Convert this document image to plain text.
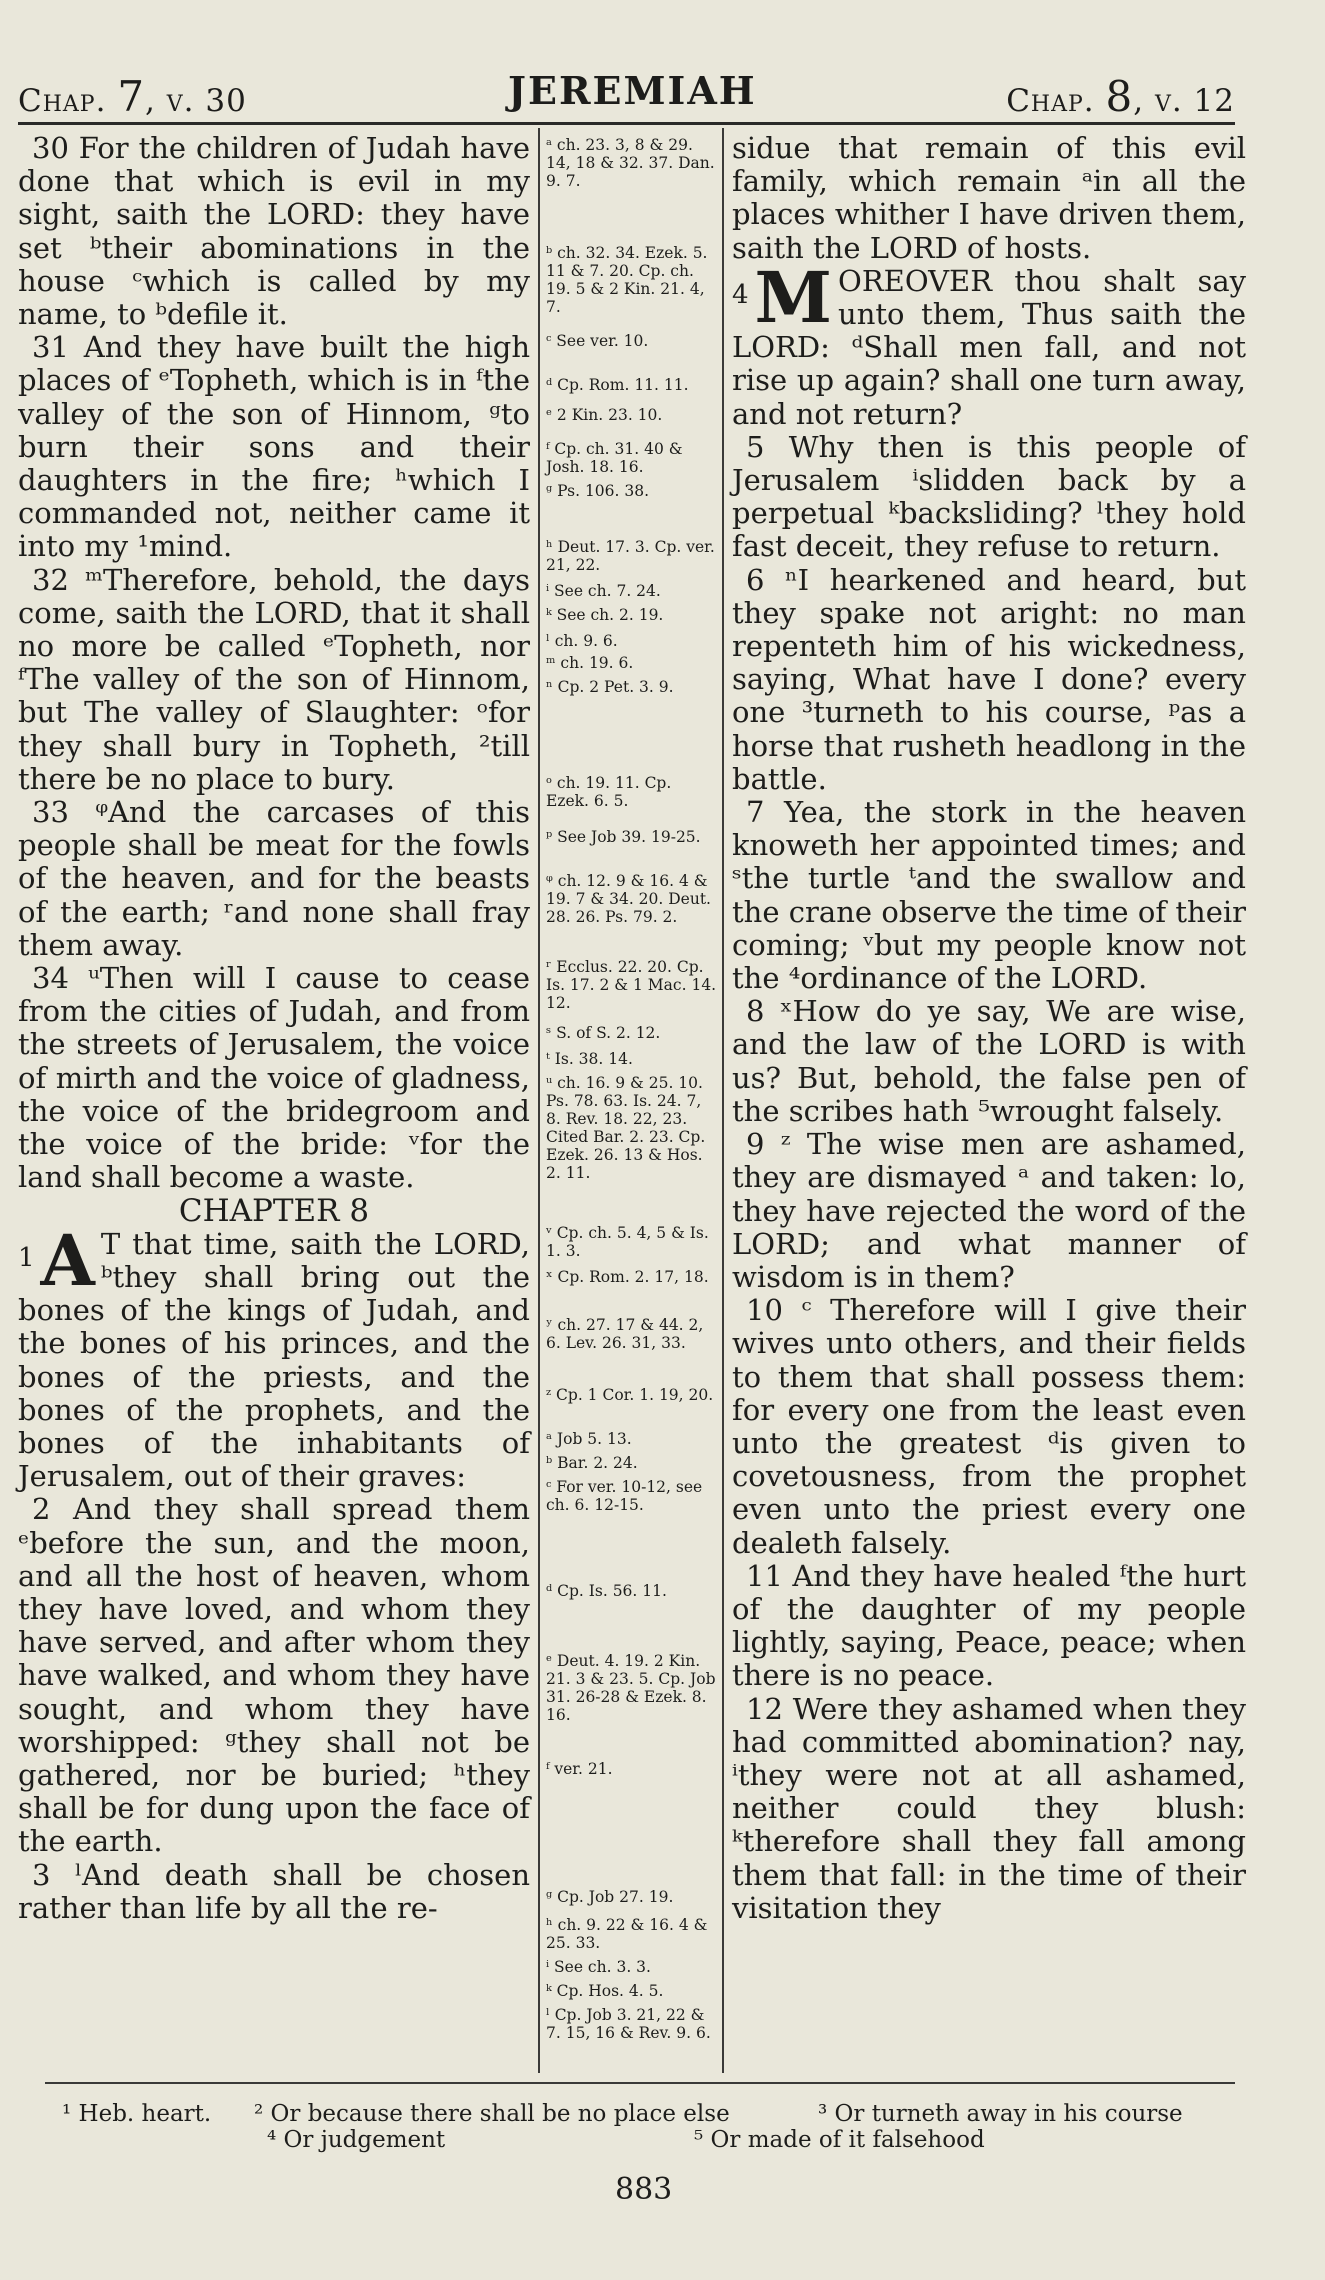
Chap. 7, v. 30	JEREMIAH	Chap. 8, v. 12

30 For the children of Judah have done that which is evil in my sight, saith the LORD: they have set ᵇtheir abominations in the house ᶜwhich is called by my name, to ᵇdefile it.

31 And they have built the high places of ᵉTopheth, which is in ᶠthe valley of the son of Hinnom, ᵍto burn their sons and their daughters in the fire; ʰwhich I commanded not, neither came it into my ¹mind.

32 ᵐTherefore, behold, the days come, saith the LORD, that it shall no more be called ᵉTopheth, nor ᶠThe valley of the son of Hinnom, but The valley of Slaughter: ᵒfor they shall bury in Topheth, ²till there be no place to bury.

33 ᵠAnd the carcases of this people shall be meat for the fowls of the heaven, and for the beasts of the earth; ʳand none shall fray them away.

34 ᵘThen will I cause to cease from the cities of Judah, and from the streets of Jerusalem, the voice of mirth and the voice of gladness, the voice of the bridegroom and the voice of the bride: ᵛfor the land shall become a waste.

CHAPTER 8

1 A T that time, saith the LORD, ᵇthey shall bring out the bones of the kings of Judah, and the bones of his princes, and the bones of the priests, and the bones of the prophets, and the bones of the inhabitants of Jerusalem, out of their graves:

2 And they shall spread them ᵉbefore the sun, and the moon, and all the host of heaven, whom they have loved, and whom they have served, and after whom they have walked, and whom they have sought, and whom they have worshipped: ᵍthey shall not be gathered, nor be buried; ʰthey shall be for dung upon the face of the earth.

3 ˡAnd death shall be chosen rather than life by all the re-

ᵃ ch. 23. 3, 8 & 29. 14, 18 & 32. 37. Dan. 9. 7.
ᵇ ch. 32. 34. Ezek. 5. 11 & 7. 20. Cp. ch. 19. 5 & 2 Kin. 21. 4, 7.
ᶜ See ver. 10.
ᵈ Cp. Rom. 11. 11.
ᵉ 2 Kin. 23. 10.
ᶠ Cp. ch. 31. 40 & Josh. 18. 16.
ᵍ Ps. 106. 38.
ʰ Deut. 17. 3. Cp. ver. 21, 22.
ⁱ See ch. 7. 24.
ᵏ See ch. 2. 19.
ˡ ch. 9. 6.
ᵐ ch. 19. 6.
ⁿ Cp. 2 Pet. 3. 9.
ᵒ ch. 19. 11. Cp. Ezek. 6. 5.
ᵖ See Job 39. 19-25.
ᵠ ch. 12. 9 & 16. 4 & 19. 7 & 34. 20. Deut. 28. 26. Ps. 79. 2.
ʳ Ecclus. 22. 20. Cp. Is. 17. 2 & 1 Mac. 14. 12.
ˢ S. of S. 2. 12.
ᵗ Is. 38. 14.
ᵘ ch. 16. 9 & 25. 10. Ps. 78. 63. Is. 24. 7, 8. Rev. 18. 22, 23. Cited Bar. 2. 23. Cp. Ezek. 26. 13 & Hos. 2. 11.
ᵛ Cp. ch. 5. 4, 5 & Is. 1. 3.
ˣ Cp. Rom. 2. 17, 18.
ʸ ch. 27. 17 & 44. 2, 6. Lev. 26. 31, 33.
ᶻ Cp. 1 Cor. 1. 19, 20.
ᵃ Job 5. 13.
ᵇ Bar. 2. 24.
ᶜ For ver. 10-12, see ch. 6. 12-15.
ᵈ Cp. Is. 56. 11.
ᵉ Deut. 4. 19. 2 Kin. 21. 3 & 23. 5. Cp. Job 31. 26-28 & Ezek. 8. 16.
ᶠ ver. 21.
ᵍ Cp. Job 27. 19.
ʰ ch. 9. 22 & 16. 4 & 25. 33.
ⁱ See ch. 3. 3.
ᵏ Cp. Hos. 4. 5.
ˡ Cp. Job 3. 21, 22 & 7. 15, 16 & Rev. 9. 6.

sidue that remain of this evil family, which remain ᵃin all the places whither I have driven them, saith the LORD of hosts.

4 M OREOVER thou shalt say unto them, Thus saith the LORD: ᵈShall men fall, and not rise up again? shall one turn away, and not return?

5 Why then is this people of Jerusalem ⁱslidden back by a perpetual ᵏbacksliding? ˡthey hold fast deceit, they refuse to return.

6 ⁿI hearkened and heard, but they spake not aright: no man repenteth him of his wickedness, saying, What have I done? every one ³turneth to his course, ᵖas a horse that rusheth headlong in the battle.

7 Yea, the stork in the heaven knoweth her appointed times; and ˢthe turtle ᵗand the swallow and the crane observe the time of their coming; ᵛbut my people know not the ⁴ordinance of the LORD.

8 ˣHow do ye say, We are wise, and the law of the LORD is with us? But, behold, the false pen of the scribes hath ⁵wrought falsely.

9 ᶻ The wise men are ashamed, they are dismayed ᵃ and taken: lo, they have rejected the word of the LORD; and what manner of wisdom is in them?

10 ᶜ Therefore will I give their wives unto others, and their fields to them that shall possess them: for every one from the least even unto the greatest ᵈis given to covetousness, from the prophet even unto the priest every one dealeth falsely.

11 And they have healed ᶠthe hurt of the daughter of my people lightly, saying, Peace, peace; when there is no peace.

12 Were they ashamed when they had committed abomination? nay, ⁱthey were not at all ashamed, neither could they blush: ᵏtherefore shall they fall among them that fall: in the time of their visitation they

¹ Heb. heart. ² Or because there shall be no place else	³ Or turneth away in his course
⁴ Or judgement	⁵ Or made of it falsehood
883
